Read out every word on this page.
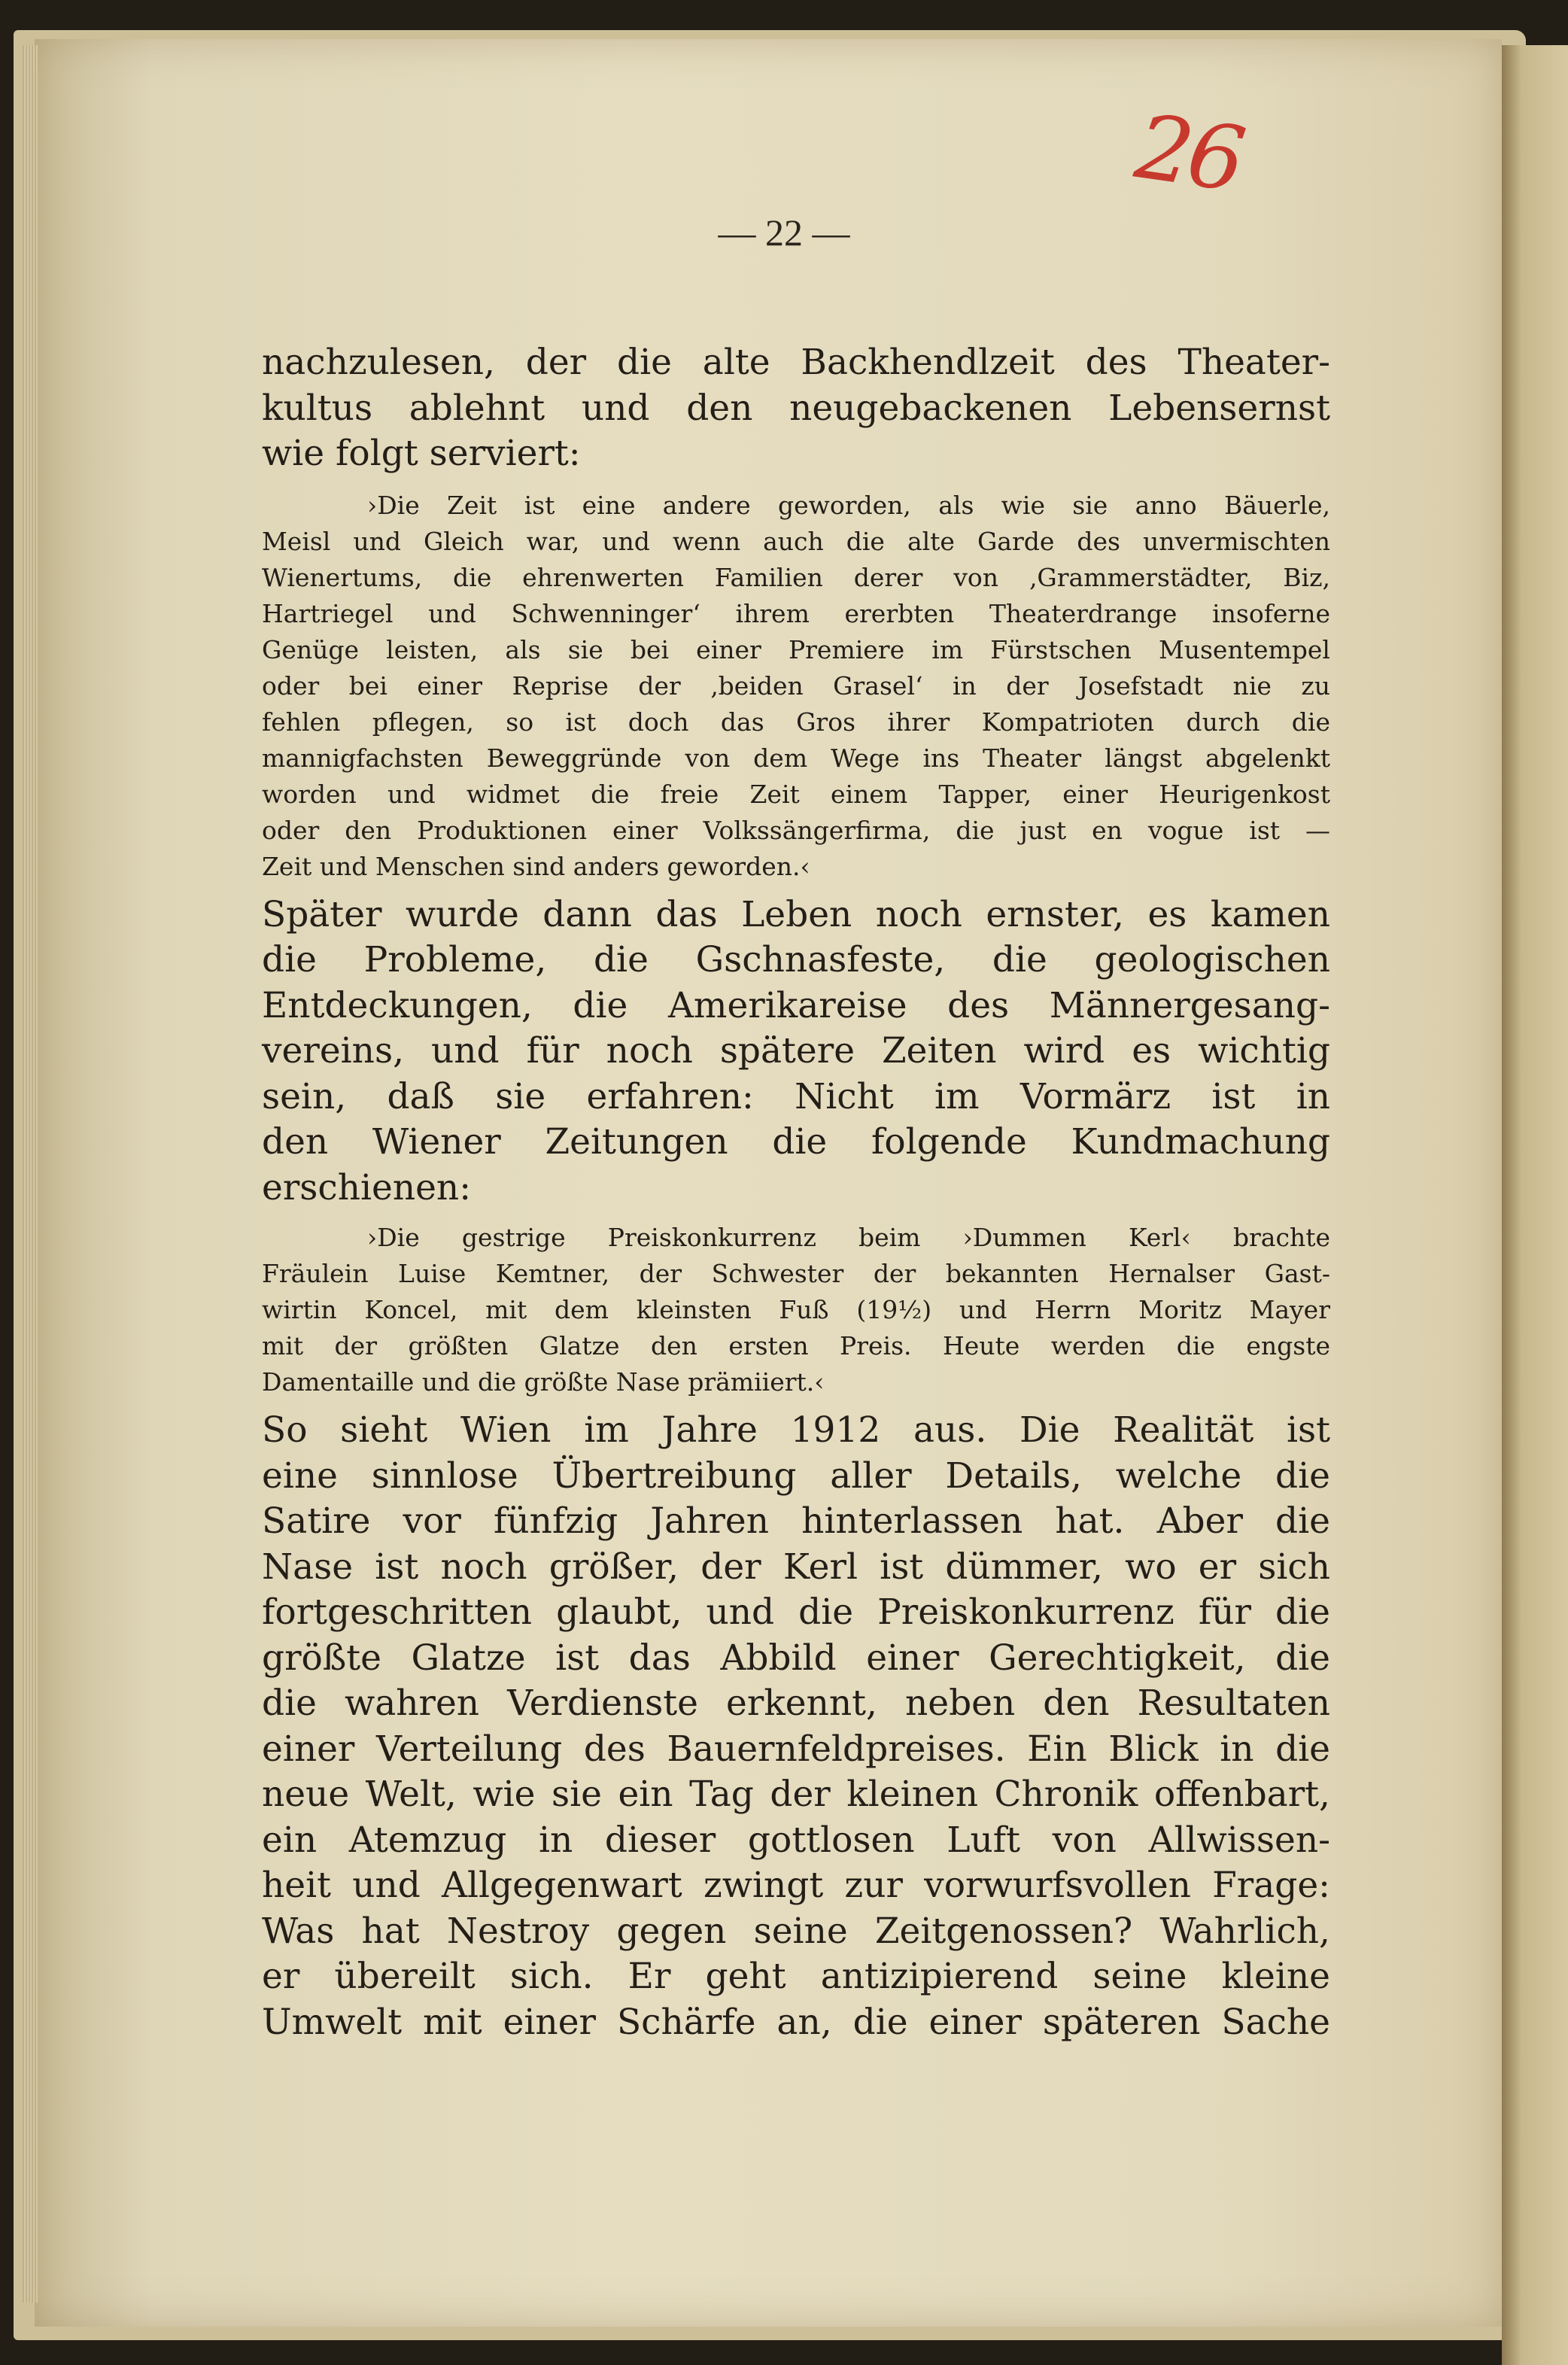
26
— 22 —
nachzulesen, der die alte Backhendlzeit des Theater-
kultus ablehnt und den neugebackenen Lebensernst
wie folgt serviert:
›Die Zeit ist eine andere geworden, als wie sie anno Bäuerle,
Meisl und Gleich war, und wenn auch die alte Garde des unvermischten
Wienertums, die ehrenwerten Familien derer von ‚Grammerstädter, Biz,
Hartriegel und Schwenninger‘ ihrem ererbten Theaterdrange insoferne
Genüge leisten, als sie bei einer Premiere im Fürstschen Musentempel
oder bei einer Reprise der ‚beiden Grasel‘ in der Josefstadt nie zu
fehlen pflegen, so ist doch das Gros ihrer Kompatrioten durch die
mannigfachsten Beweggründe von dem Wege ins Theater längst abgelenkt
worden und widmet die freie Zeit einem Tapper, einer Heurigenkost
oder den Produktionen einer Volkssängerfirma, die just en vogue ist —
Zeit und Menschen sind anders geworden.‹
Später wurde dann das Leben noch ernster, es kamen
die Probleme, die Gschnasfeste, die geologischen
Entdeckungen, die Amerikareise des Männergesang-
vereins, und für noch spätere Zeiten wird es wichtig
sein, daß sie erfahren: Nicht im Vormärz ist in
den Wiener Zeitungen die folgende Kundmachung
erschienen:
›Die gestrige Preiskonkurrenz beim ›Dummen Kerl‹ brachte
Fräulein Luise Kemtner, der Schwester der bekannten Hernalser Gast-
wirtin Koncel, mit dem kleinsten Fuß (19½) und Herrn Moritz Mayer
mit der größten Glatze den ersten Preis. Heute werden die engste
Damentaille und die größte Nase prämiiert.‹
So sieht Wien im Jahre 1912 aus. Die Realität ist
eine sinnlose Übertreibung aller Details, welche die
Satire vor fünfzig Jahren hinterlassen hat. Aber die
Nase ist noch größer, der Kerl ist dümmer, wo er sich
fortgeschritten glaubt, und die Preiskonkurrenz für die
größte Glatze ist das Abbild einer Gerechtigkeit, die
die wahren Verdienste erkennt, neben den Resultaten
einer Verteilung des Bauernfeldpreises. Ein Blick in die
neue Welt, wie sie ein Tag der kleinen Chronik offenbart,
ein Atemzug in dieser gottlosen Luft von Allwissen-
heit und Allgegenwart zwingt zur vorwurfsvollen Frage:
Was hat Nestroy gegen seine Zeitgenossen? Wahrlich,
er übereilt sich. Er geht antizipierend seine kleine
Umwelt mit einer Schärfe an, die einer späteren Sache
